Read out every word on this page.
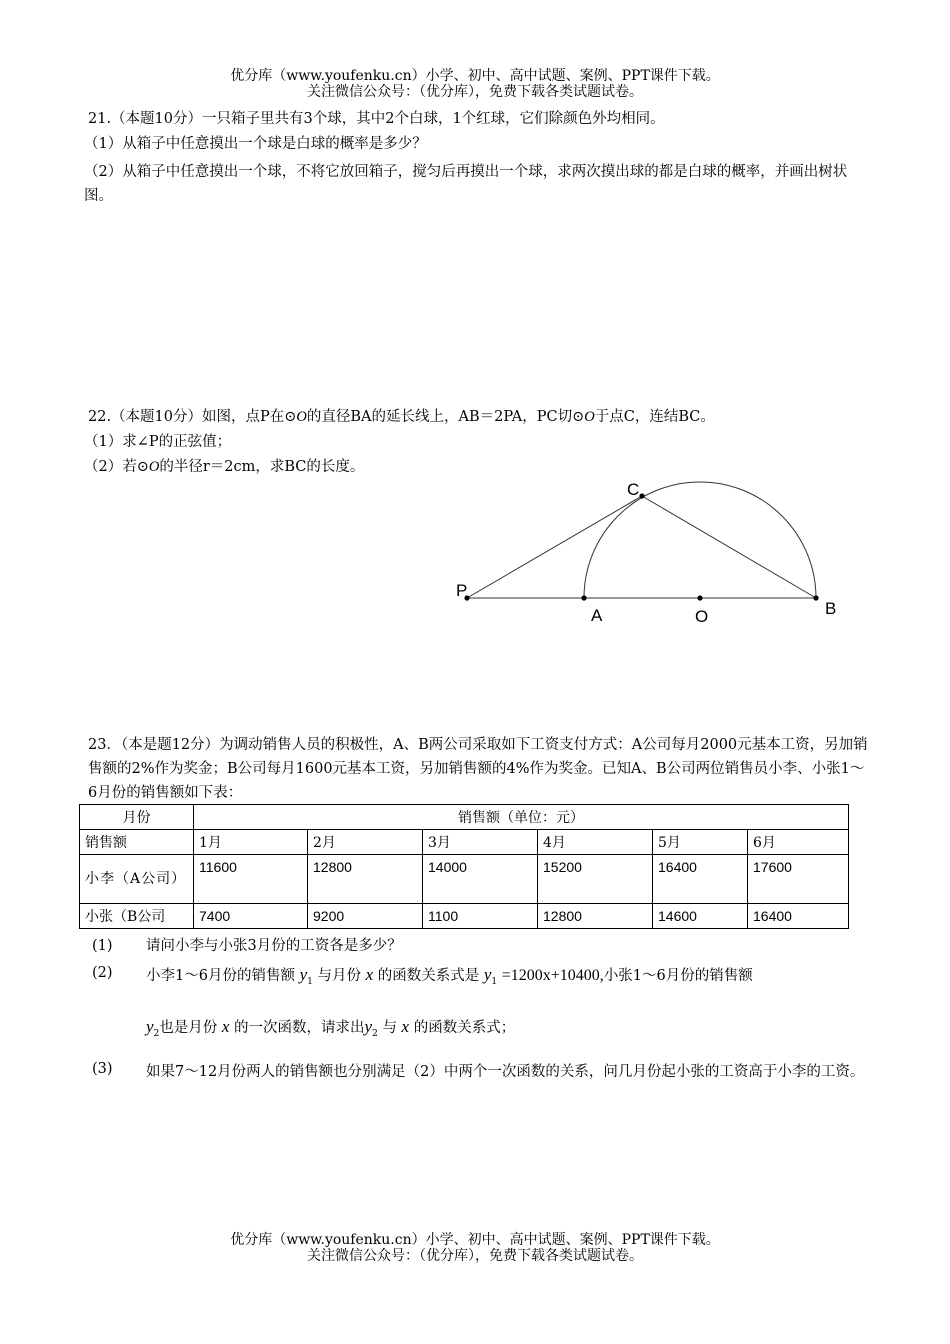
优分库（www.youfenku.cn）小学、初中、高中试题、案例、PPT课件下载。
关注微信公众号：（优分库），免费下载各类试题试卷。
21.（本题10分）一只箱子里共有3个球，其中2个白球，1个红球，它们除颜色外均相同。
（1）从箱子中任意摸出一个球是白球的概率是多少？
（2）从箱子中任意摸出一个球，不将它放回箱子，搅匀后再摸出一个球，求两次摸出球的都是白球的概率，并画出树状图。
22.（本题10分）如图，点P在⊙O的直径BA的延长线上，AB＝2PA，PC切⊙O于点C，连结BC。
（1）求∠P的正弦值；
（2）若⊙O的半径r＝2cm，求BC的长度。
C
P
A	O	B
23．（本是题12分）为调动销售人员的积极性，A、B两公司采取如下工资支付方式：A公司每月2000元基本工资，另加销售额的2%作为奖金；B公司每月1600元基本工资，另加销售额的4%作为奖金。已知A、B公司两位销售员小李、小张1～6月份的销售额如下表：
月份	销售额（单位：元）					
销售额	1月	2月	3月	4月	5月	6月
小李（A公司）	11600	12800	14000	15200	16400	17600
小张（B公司	7400	9200	1100	12800	14600	16400
(1) 请问小李与小张3月份的工资各是多少？
(2) 小李1～6月份的销售额 $y_1$ 与月份 x 的函数关系式是 $y_1 =1200x+10400$,小张1～6月份的销售额
$y_2$也是月份 x 的一次函数，请求出$y_2$ 与 x 的函数关系式；
(3) 如果7～12月份两人的销售额也分别满足（2）中两个一次函数的关系，问几月份起小张的工资高于小李的工资。
优分库（www.youfenku.cn）小学、初中、高中试题、案例、PPT课件下载。
关注微信公众号：（优分库），免费下载各类试题试卷。
